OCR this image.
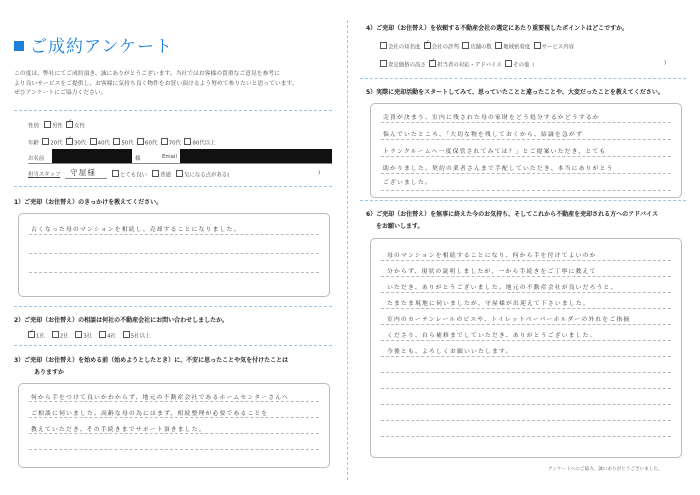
ご成約アンケート
この度は、弊社にてご成約頂き、誠にありがとうございます。当社ではお客様の貴重なご意見を参考に
より良いサービスをご提供し、お客様に気持ち良く物件をお買い頂けるよう努めて参りたいと思っています。
ぜひアンケートにご協力ください。
性別 男性 ✓ 女性
年齢 20代 ✓ 30代 40代 50代 60代 70代 80代以上
お名前	様	Email
担当スタッフ 守屋様	とても良い 普通 気になる点がある(	)
1）ご売却（お住替え）のきっかけを教えてください。
古くなった母のマンションを相続し、売却することになりました。
2）ご売却（お住替え）の相談は何社の不動産会社にお問い合わせしましたか。
✓1社	2社	3社	4社	5社以上
3）ご売却（お住替え）を始める前（始めようとしたとき）に、不安に思ったことや気を付けたことは
ありますか
何から手をつけて良いかわからず、地元の不動産会社であるホームセンターさんへ
ご相談に伺いました。高齢な母の為にはまず、相続整理が必要であることを
教えていただき、その手続きまでサポート頂きました。
4）ご売却（お住替え）を依頼する不動産会社の選定にあたり重要視したポイントはどこですか。
会社の知名度 ✓ 会社の評判 店舗の数 地域密着度 サービス内容
査定価格の高さ ✓ 担当者の対応・アドバイス その他（	)
5）実際に売却活動をスタートしてみて、思っていたことと違ったことや、大変だったことを教えてください。
売買が決まり、室内に残された母の家財をどう処分するかどうするか
悩んでいたところ、「大切な物を残しておくから、結論を急がず
トランクルームへ一度保管されてみては？」とご提案いただき、とても
助かりました。契約の業者さんまで手配していただき、本当にありがとう
ございました。
6）ご売却（お住替え）を無事に終えた今のお気持ち、そしてこれから不動産を売却される方へのアドバイス
をお願いします。
母のマンションを相続することになり、何から手を付けてよいのか
分からず、現状の説明しましたが、一から手続きをご丁寧に教えて
いただき、ありがとうございました。地元の不動産会社が良いだろうと、
たまたま現地に伺いましたが、守屋様が出迎えて下さいました。
室内のカーテンレールのビスや、トイレットペーパーホルダーの外れをご指摘
くださり、自ら補修までしていただき、ありがとうございました。
今後とも、よろしくお願いいたします。
アンケートへのご協力、誠にありがとうございました。
